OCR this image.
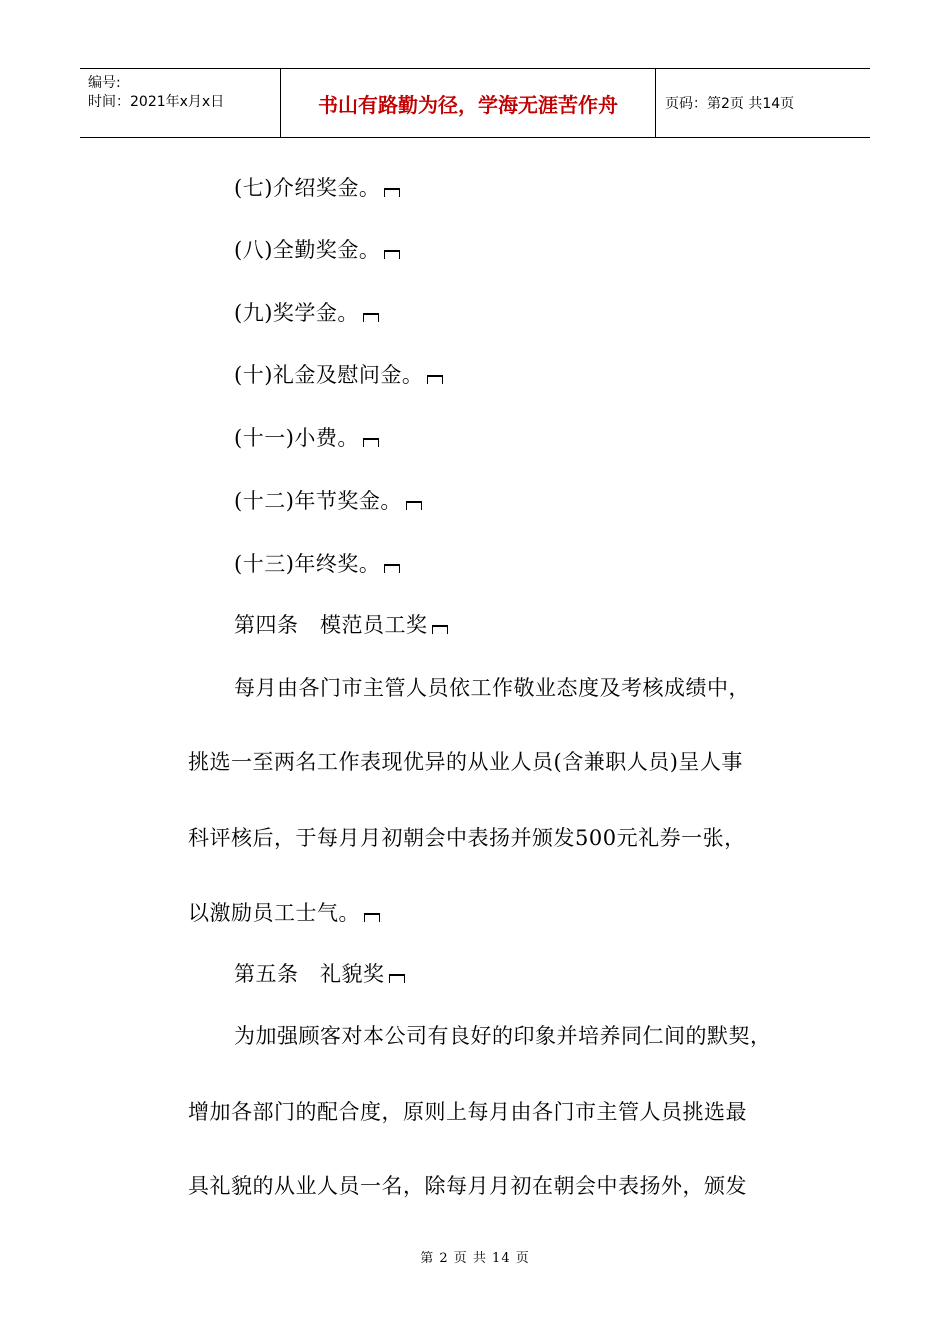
编号:
时间：2021年x月x日	书山有路勤为径，学海无涯苦作舟	页码：第2页 共14页
(七)介绍奖金。
(八)全勤奖金。
(九)奖学金。
(十)礼金及慰问金。
(十一)小费。
(十二)年节奖金。
(十三)年终奖。
第四条　模范员工奖
每月由各门市主管人员依工作敬业态度及考核成绩中，
挑选一至两名工作表现优异的从业人员(含兼职人员)呈人事
科评核后，于每月月初朝会中表扬并颁发500元礼券一张，
以激励员工士气。
第五条　礼貌奖
为加强顾客对本公司有良好的印象并培养同仁间的默契，
增加各部门的配合度，原则上每月由各门市主管人员挑选最
具礼貌的从业人员一名，除每月月初在朝会中表扬外，颁发
第 2 页 共 14 页
